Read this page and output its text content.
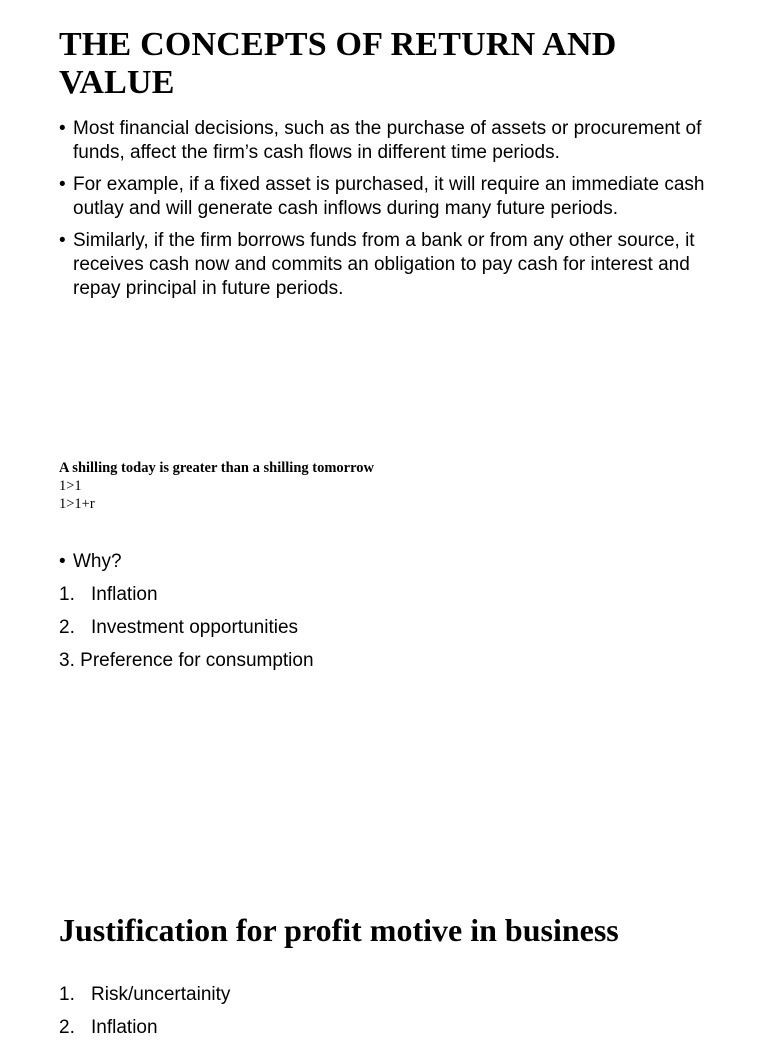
THE CONCEPTS OF RETURN AND VALUE
• Most financial decisions, such as the purchase of assets or procurement of funds, affect the firm’s cash flows in different time periods.
• For example, if a fixed asset is purchased, it will require an immediate cash outlay and will generate cash inflows during many future periods.
• Similarly, if the firm borrows funds from a bank or from any other source, it receives cash now and commits an obligation to pay cash for interest and repay principal in future periods.
A shilling today is greater than a shilling tomorrow
1>1
1>1+r
• Why?
1. Inflation
2. Investment opportunities
3. Preference for consumption
Justification for profit motive in business
1. Risk/uncertainity
2. Inflation
